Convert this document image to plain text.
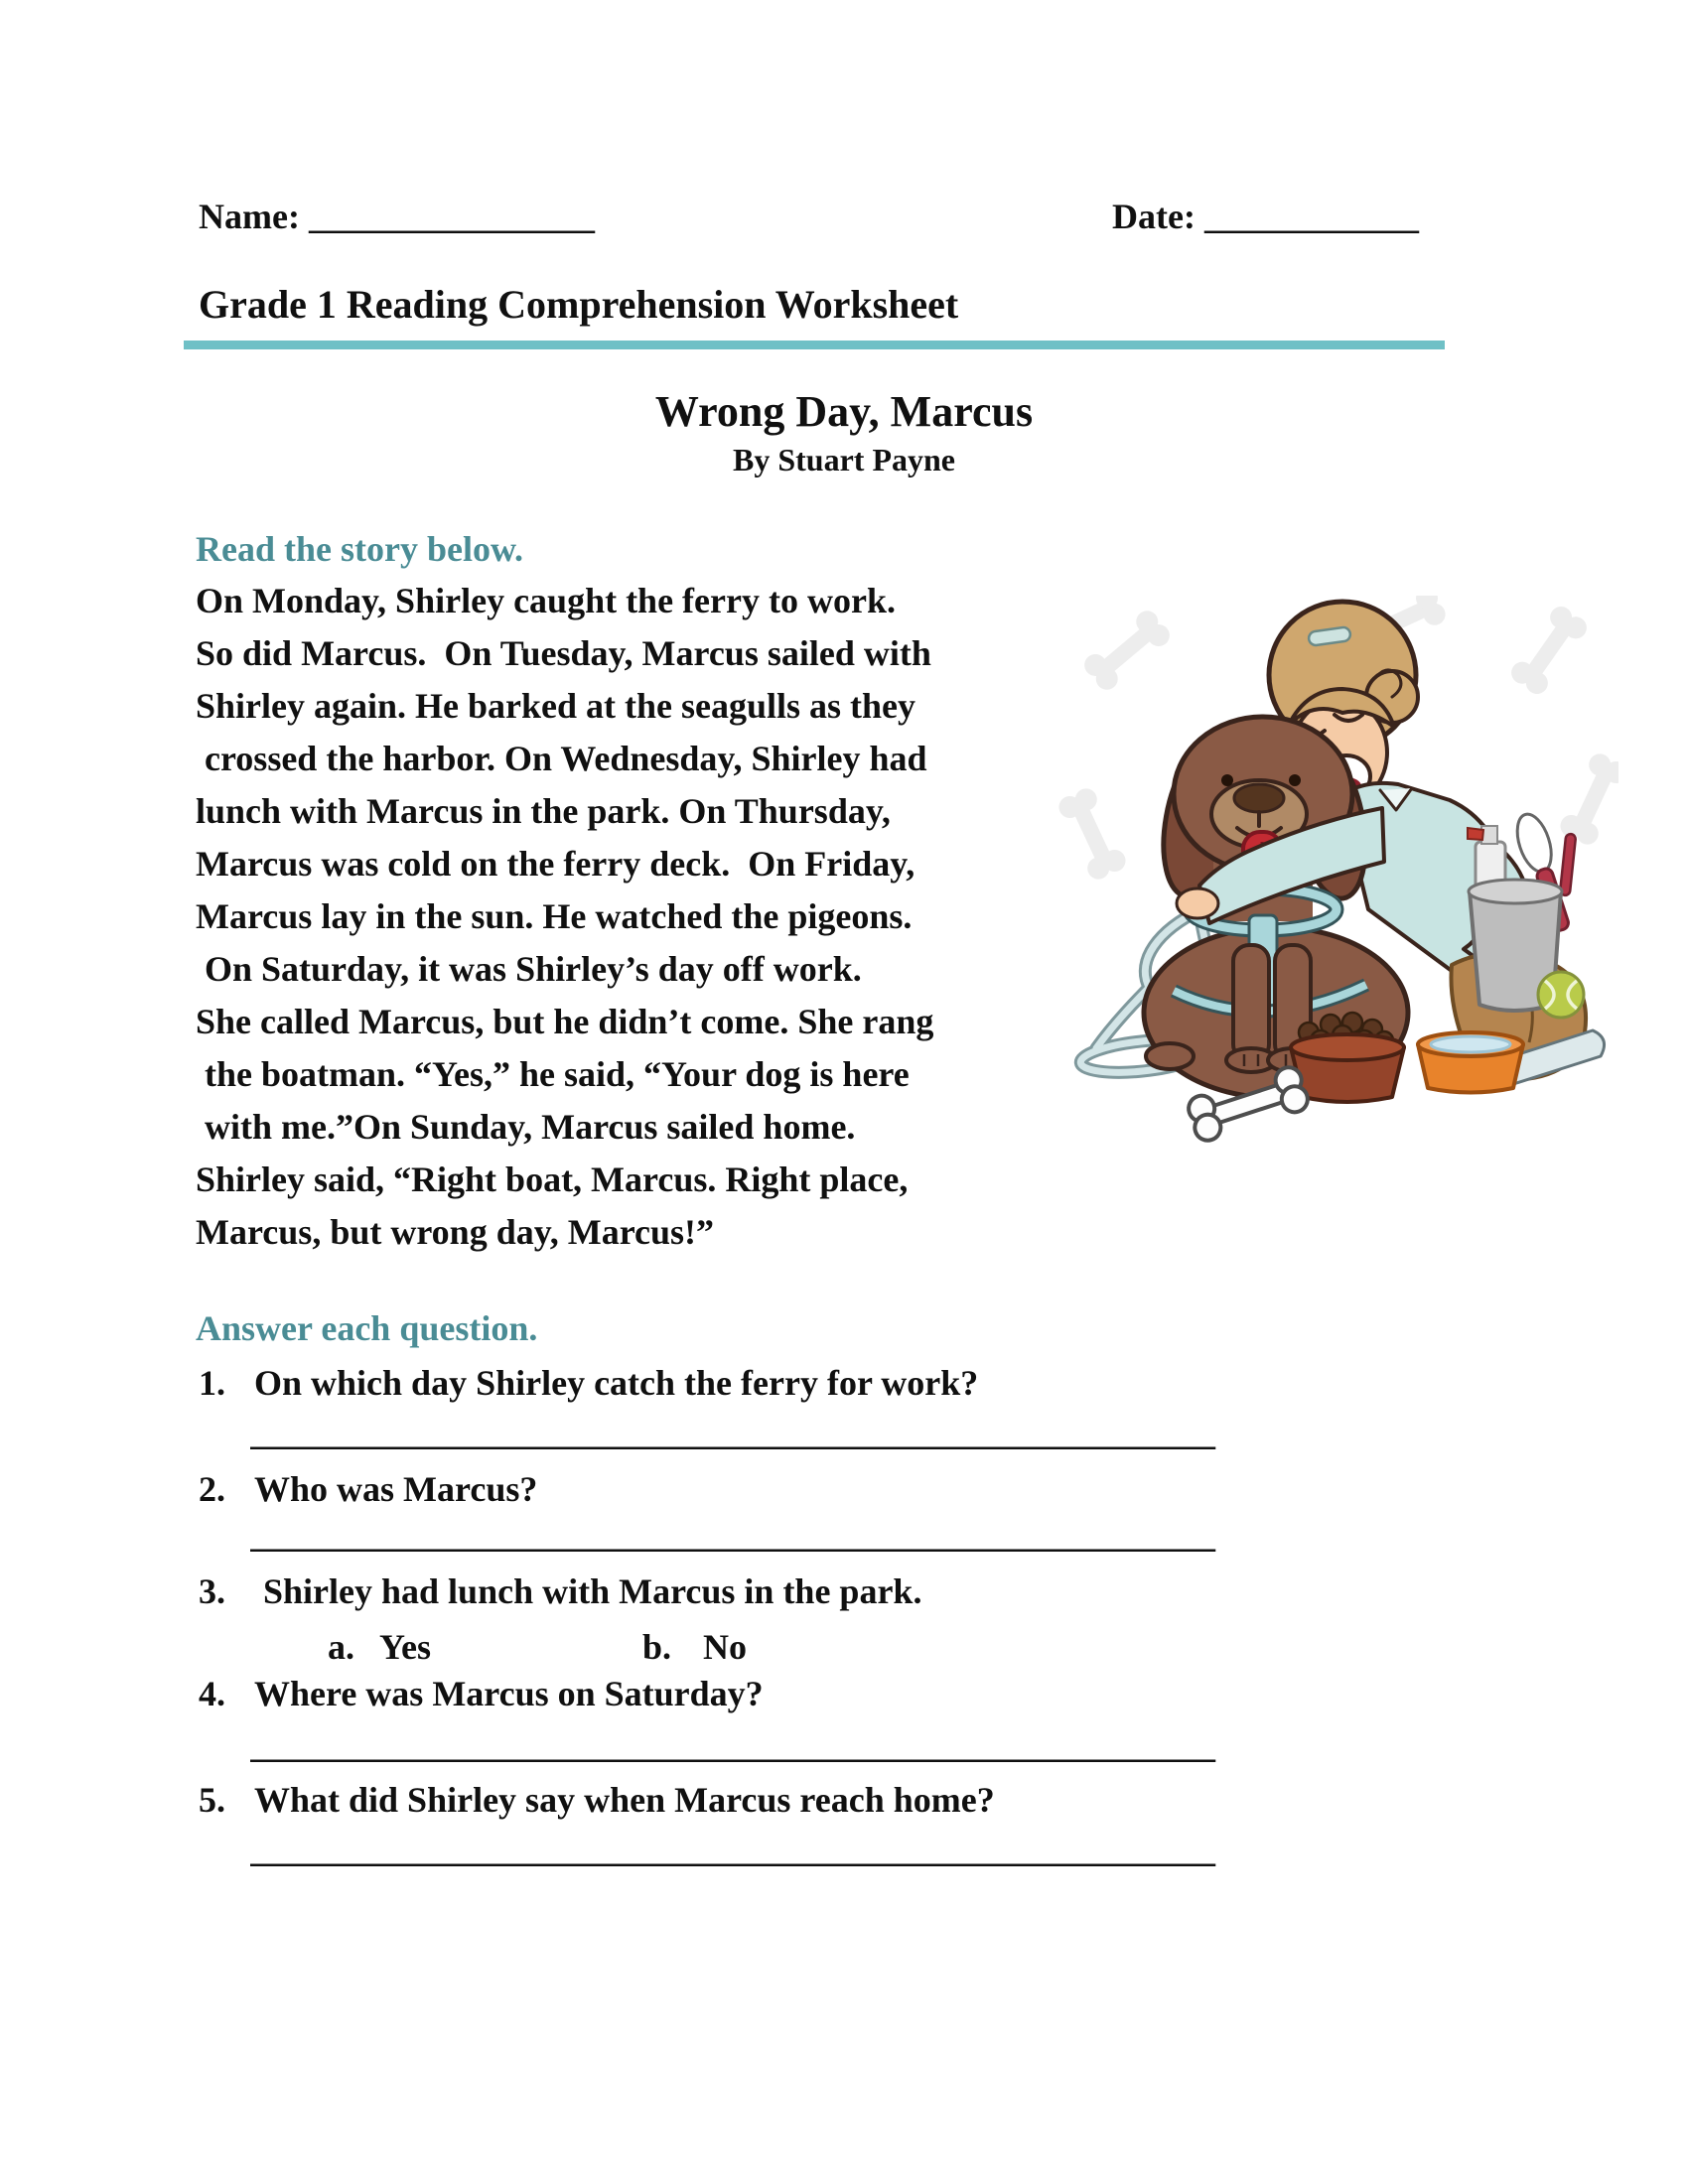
Name: ________________	Date: ____________
Grade 1 Reading Comprehension Worksheet
Wrong Day, Marcus
By Stuart Payne
Read the story below.
On Monday, Shirley caught the ferry to work.
So did Marcus.  On Tuesday, Marcus sailed with
Shirley again. He barked at the seagulls as they
crossed the harbor. On Wednesday, Shirley had
lunch with Marcus in the park. On Thursday,
Marcus was cold on the ferry deck.  On Friday,
Marcus lay in the sun. He watched the pigeons.
On Saturday, it was Shirley’s day off work.
She called Marcus, but he didn’t come. She rang
the boatman. “Yes,” he said, “Your dog is here
with me.”On Sunday, Marcus sailed home.
Shirley said, “Right boat, Marcus. Right place,
Marcus, but wrong day, Marcus!”
Answer each question.
1. On which day Shirley catch the ferry for work?
______________________________________________________
2. Who was Marcus?
______________________________________________________
3. Shirley had lunch with Marcus in the park.
a. Yes	b. No
4. Where was Marcus on Saturday?
______________________________________________________
5. What did Shirley say when Marcus reach home?
______________________________________________________
